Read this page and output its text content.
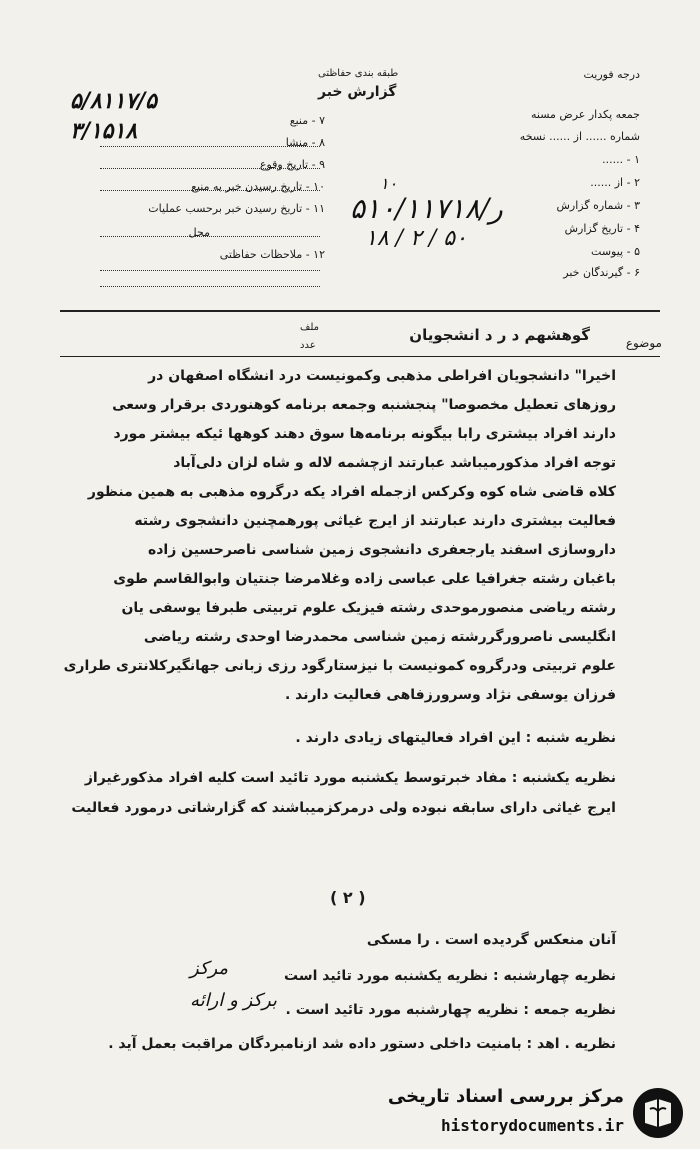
۵/۸۱۱۷/۵
۳/۱۵۱۸
طبقه بندی حفاظتی
گزارش خبر
درجه فوریت
جمعه پکدار عرض مسنه
شماره ...... از ...... نسخه
۱ - ......
۲ - از ......
۳ - شماره گزارش
۴ - تاریخ گزارش
۵ - پیوست
۶ - گیرندگان خبر
۱۰
۵۱۰/ر/۱۱۷۱۸
۱۸ / ۲ / ۵۰
۷ - منبع
۸ - منشا
۹ - تاریخ وقوع
۱۰ - تاریخ رسیدن خبر به منبع
۱۱ - تاریخ رسیدن خبر برحسب عملیات
محل
۱۲ - ملاحظات حفاظتی
موضوع
گوهشهم د ر د انشجویان
ملف
عدد
اخیرا" دانشجویان افراطی مذهبی وکمونیست درد انشگاه اصفهان در
روزهای تعطیل مخصوصا" پنجشنبه وجمعه برنامه کوهنوردی برقرار وسعی
دارند افراد بیشتری رابا بیگونه برنامه‌ها سوق دهند کوهها ئیکه بیشتر مورد
توجه افراد مذکورمیباشد عبارتند ازچشمه لاله و شاه لزان دلی‌آباد
کلاه قاضی شاه کوه وکرکس ازجمله افراد یکه درگروه مذهبی به همین منظور
فعالیت بیشتری دارند عبارتند از ایرج غیاثی پورهمچنین دانشجوی رشته
داروسازی اسفند یارجعفری دانشجوی زمین شناسی ناصرحسین زاده
باغبان رشته جغرافیا علی عباسی زاده وغلامرضا جنتیان وابوالقاسم طوی
رشته ریاضی منصورموحدی رشته فیزیک علوم تربیتی طبرفا یوسفی یان
انگلیسی ناصرورگررشته زمین شناسی محمدرضا اوحدی رشته ریاضی
علوم تربیتی ودرگروه کمونیست با نیزستارگود رزی زبانی جهانگیرکلانتری طراری
فرزان یوسفی نژاد وسرورزفاهی فعالیت دارند .
نظریه شنبه : این افراد فعالیتهای زیادی دارند .
نظریه یکشنبه : مفاد خبرتوسط یکشنبه مورد تائید است کلیه افراد مذکورغیراز
ایرج غیاثی دارای سابقه نبوده ولی درمرکزمیباشند که گزارشاتی درمورد فعالیت
( ۲ )
آنان منعکس گردیده است . را مسکی
نظریه چهارشنبه : نظریه یکشنبه مورد تائید است
نظریه جمعه : نظریه چهارشنبه مورد تائید است .
نظریه . اهد : بامنیت داخلی دستور داده شد ازنامبردگان مراقبت بعمل آید .
مرکز
برکز و ارائه
مرکز بررسی اسناد تاریخی
historydocuments.ir
